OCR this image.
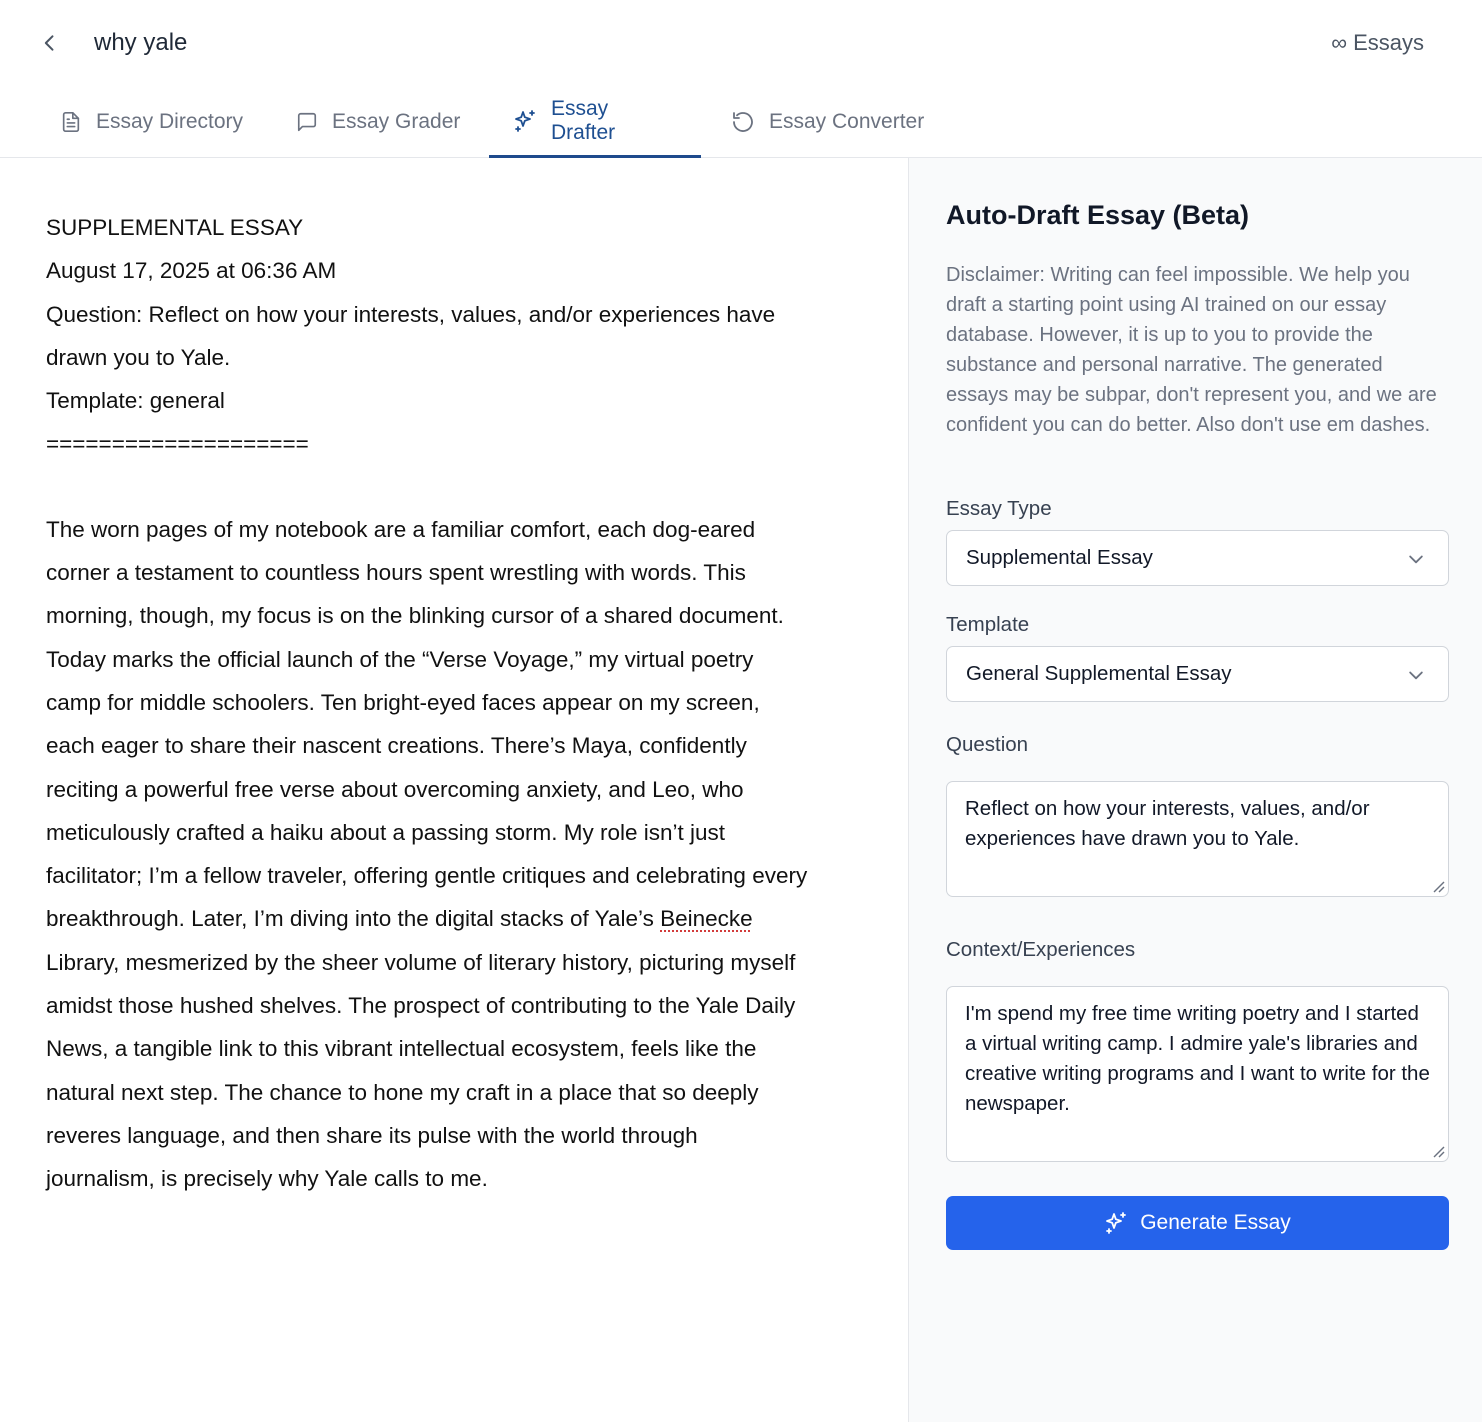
why yale	∞ Essays
Essay Directory	Essay Grader
Essay Drafter	Essay Converter
SUPPLEMENTAL ESSAY
August 17, 2025 at 06:36 AM
Question: Reflect on how your interests, values, and/or experiences have
drawn you to Yale.
Template: general
====================
The worn pages of my notebook are a familiar comfort, each dog-eared
corner a testament to countless hours spent wrestling with words. This
morning, though, my focus is on the blinking cursor of a shared document.
Today marks the official launch of the “Verse Voyage,” my virtual poetry
camp for middle schoolers. Ten bright-eyed faces appear on my screen,
each eager to share their nascent creations. There’s Maya, confidently
reciting a powerful free verse about overcoming anxiety, and Leo, who
meticulously crafted a haiku about a passing storm. My role isn’t just
facilitator; I’m a fellow traveler, offering gentle critiques and celebrating every
breakthrough. Later, I’m diving into the digital stacks of Yale’s Beinecke
Library, mesmerized by the sheer volume of literary history, picturing myself
amidst those hushed shelves. The prospect of contributing to the Yale Daily
News, a tangible link to this vibrant intellectual ecosystem, feels like the
natural next step. The chance to hone my craft in a place that so deeply
reveres language, and then share its pulse with the world through
journalism, is precisely why Yale calls to me.
Auto-Draft Essay (Beta)
Disclaimer: Writing can feel impossible. We help you draft a starting point using AI trained on our essay database. However, it is up to you to provide the substance and personal narrative. The generated essays may be subpar, don't represent you, and we are confident you can do better. Also don't use em dashes.
Essay Type
Supplemental Essay
Template
General Supplemental Essay
Question
Reflect on how your interests, values, and/or experiences have drawn you to Yale.
Context/Experiences
I'm spend my free time writing poetry and I started a virtual writing camp. I admire yale's libraries and creative writing programs and I want to write for the newspaper.
Generate Essay
